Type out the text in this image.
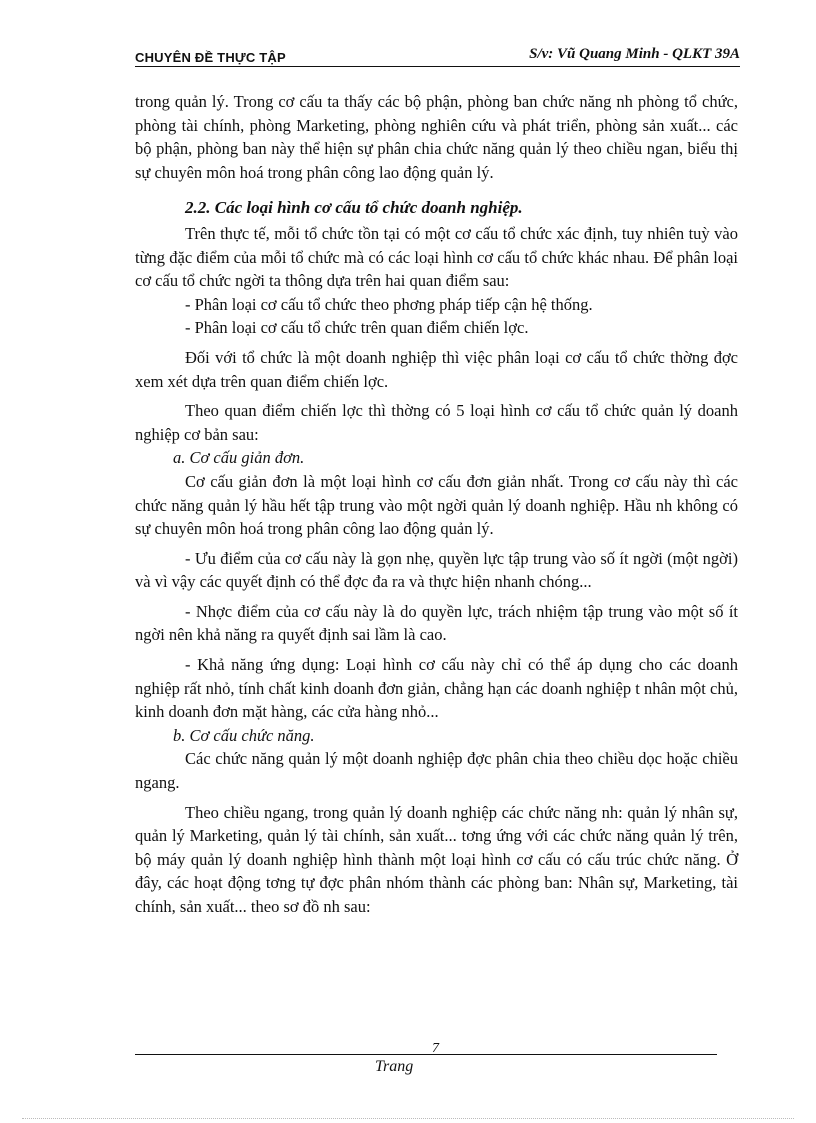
CHUYÊN ĐỀ THỰC TẬP	S/v: Vũ Quang Minh - QLKT 39A

trong quản lý. Trong cơ cấu ta thấy các bộ phận, phòng ban chức năng nh phòng tổ chức, phòng tài chính, phòng Marketing, phòng nghiên cứu và phát triển, phòng sản xuất... các bộ phận, phòng ban này thể hiện sự phân chia chức năng quản lý theo chiều ngan, biểu thị sự chuyên môn hoá trong phân công lao động quản lý.

2.2. Các loại hình cơ cấu tổ chức doanh nghiệp.

Trên thực tế, mỗi tổ chức tồn tại có một cơ cấu tổ chức xác định, tuy nhiên tuỳ vào từng đặc điểm của mỗi tổ chức mà có các loại hình cơ cấu tổ chức khác nhau. Để phân loại cơ cấu tổ chức ngời ta thông dựa trên hai quan điểm sau:

- Phân loại cơ cấu tổ chức theo phơng pháp tiếp cận hệ thống.

- Phân loại cơ cấu tổ chức trên quan điểm chiến lợc.

Đối với tổ chức là một doanh nghiệp thì việc phân loại cơ cấu tổ chức thờng đợc xem xét dựa trên quan điểm chiến lợc.

Theo quan điểm chiến lợc thì thờng có 5 loại hình cơ cấu tổ chức quản lý doanh nghiệp cơ bản sau:

a. Cơ cấu giản đơn.

Cơ cấu giản đơn là một loại hình cơ cấu đơn giản nhất. Trong cơ cấu này thì các chức năng quản lý hầu hết tập trung vào một ngời quản lý doanh nghiệp. Hầu nh không có sự chuyên môn hoá trong phân công lao động quản lý.

- Ưu điểm của cơ cấu này là gọn nhẹ, quyền lực tập trung vào số ít ngời (một ngời) và vì vậy các quyết định có thể đợc đa ra và thực hiện nhanh chóng...

- Nhợc điểm của cơ cấu này là do quyền lực, trách nhiệm tập trung vào một số ít ngời nên khả năng ra quyết định sai lầm là cao.

- Khả năng ứng dụng: Loại hình cơ cấu này chỉ có thể áp dụng cho các doanh nghiệp rất nhỏ, tính chất kinh doanh đơn giản, chẳng hạn các doanh nghiệp t nhân một chủ, kinh doanh đơn mặt hàng, các cửa hàng nhỏ...

b. Cơ cấu chức năng.

Các chức năng quản lý một doanh nghiệp đợc phân chia theo chiều dọc hoặc chiều ngang.

Theo chiều ngang, trong quản lý doanh nghiệp các chức năng nh: quản lý nhân sự, quản lý Marketing, quản lý tài chính, sản xuất... tơng ứng với các chức năng quản lý trên, bộ máy quản lý doanh nghiệp hình thành một loại hình cơ cấu có cấu trúc chức năng. Ở đây, các hoạt động tơng tự đợc phân nhóm thành các phòng ban: Nhân sự, Marketing, tài chính, sản xuất... theo sơ đồ nh sau:

7
Trang
